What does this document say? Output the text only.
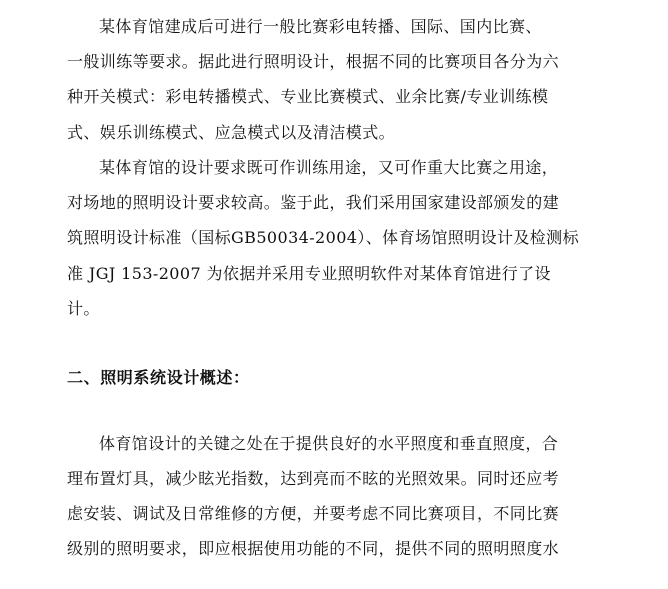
某体育馆建成后可进行一般比赛彩电转播、国际、国内比赛、
一般训练等要求。据此进行照明设计，根据不同的比赛项目各分为六
种开关模式：彩电转播模式、专业比赛模式、业余比赛/专业训练模
式、娱乐训练模式、应急模式以及清洁模式。
某体育馆的设计要求既可作训练用途，又可作重大比赛之用途，
对场地的照明设计要求较高。鉴于此，我们采用国家建设部颁发的建
筑照明设计标准（国标GB50034-2004）、体育场馆照明设计及检测标
准 JGJ 153-2007 为依据并采用专业照明软件对某体育馆进行了设
计。
二、照明系统设计概述：
体育馆设计的关键之处在于提供良好的水平照度和垂直照度，合
理布置灯具，减少眩光指数，达到亮而不眩的光照效果。同时还应考
虑安装、调试及日常维修的方便，并要考虑不同比赛项目，不同比赛
级别的照明要求，即应根据使用功能的不同，提供不同的照明照度水
